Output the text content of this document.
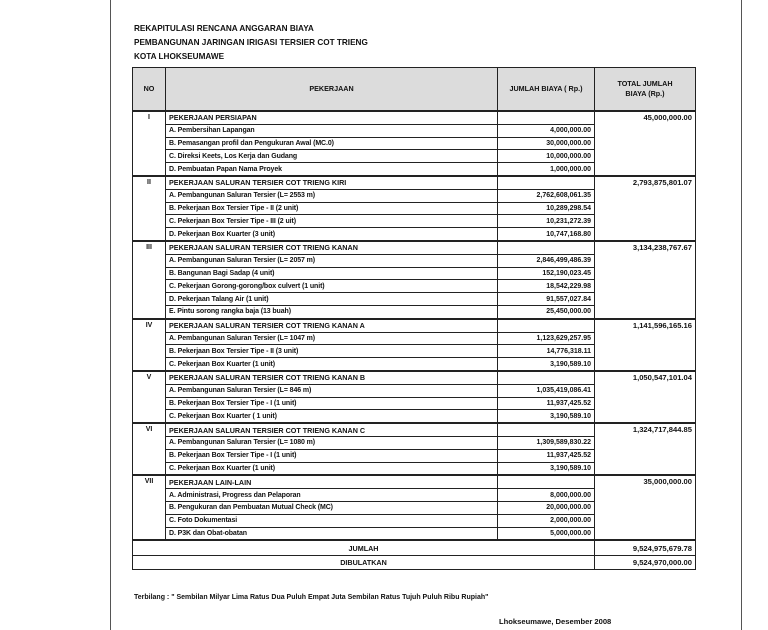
REKAPITULASI RENCANA ANGGARAN BIAYA
PEMBANGUNAN JARINGAN IRIGASI TERSIER COT TRIENG
KOTA LHOKSEUMAWE
NO	PEKERJAAN	JUMLAH BIAYA ( Rp.)	TOTAL JUMLAH BIAYA (Rp.)
I	PEKERJAAN PERSIAPAN		45,000,000.00
	A. Pembersihan Lapangan	4,000,000.00	
	B. Pemasangan profil dan Pengukuran Awal (MC.0)	30,000,000.00	
	C. Direksi Keets, Los Kerja dan Gudang	10,000,000.00	
	D. Pembuatan Papan Nama Proyek	1,000,000.00	
II	PEKERJAAN SALURAN TERSIER COT TRIENG KIRI		2,793,875,801.07
	A. Pembangunan Saluran Tersier (L= 2553 m)	2,762,608,061.35	
	B. Pekerjaan Box Tersier Tipe - II (2 unit)	10,289,298.54	
	C. Pekerjaan Box Tersier Tipe - III (2 uit)	10,231,272.39	
	D. Pekerjaan Box Kuarter (3 unit)	10,747,168.80	
III	PEKERJAAN SALURAN TERSIER COT TRIENG KANAN		3,134,238,767.67
	A. Pembangunan Saluran Tersier (L= 2057 m)	2,846,499,486.39	
	B. Bangunan Bagi Sadap (4 unit)	152,190,023.45	
	C. Pekerjaan Gorong-gorong/box culvert (1 unit)	18,542,229.98	
	D. Pekerjaan Talang Air (1 unit)	91,557,027.84	
	E. Pintu sorong rangka baja (13 buah)	25,450,000.00	
IV	PEKERJAAN SALURAN TERSIER COT TRIENG KANAN A		1,141,596,165.16
	A. Pembangunan Saluran Tersier (L= 1047 m)	1,123,629,257.95	
	B. Pekerjaan Box Tersier Tipe - II (3 unit)	14,776,318.11	
	C. Pekerjaan Box Kuarter (1 unit)	3,190,589.10	
V	PEKERJAAN SALURAN TERSIER COT TRIENG KANAN B		1,050,547,101.04
	A. Pembangunan Saluran Tersier (L= 846 m)	1,035,419,086.41	
	B. Pekerjaan Box Tersier Tipe - I (1 unit)	11,937,425.52	
	C. Pekerjaan Box Kuarter ( 1 unit)	3,190,589.10	
VI	PEKERJAAN SALURAN TERSIER COT TRIENG KANAN C		1,324,717,844.85
	A. Pembangunan Saluran Tersier (L= 1080 m)	1,309,589,830.22	
	B. Pekerjaan Box Tersier Tipe - I (1 unit)	11,937,425.52	
	C. Pekerjaan Box Kuarter (1 unit)	3,190,589.10	
VII	PEKERJAAN LAIN-LAIN		35,000,000.00
	A. Administrasi, Progress dan Pelaporan	8,000,000.00	
	B. Pengukuran dan Pembuatan Mutual Check (MC)	20,000,000.00	
	C. Foto Dokumentasi	2,000,000.00	
	D. P3K dan Obat-obatan	5,000,000.00	
JUMLAH			9,524,975,679.78
DIBULATKAN			9,524,970,000.00
Terbilang : " Sembilan Milyar Lima Ratus Dua Puluh Empat Juta Sembilan Ratus Tujuh Puluh Ribu Rupiah"
Lhokseumawe, Desember 2008
